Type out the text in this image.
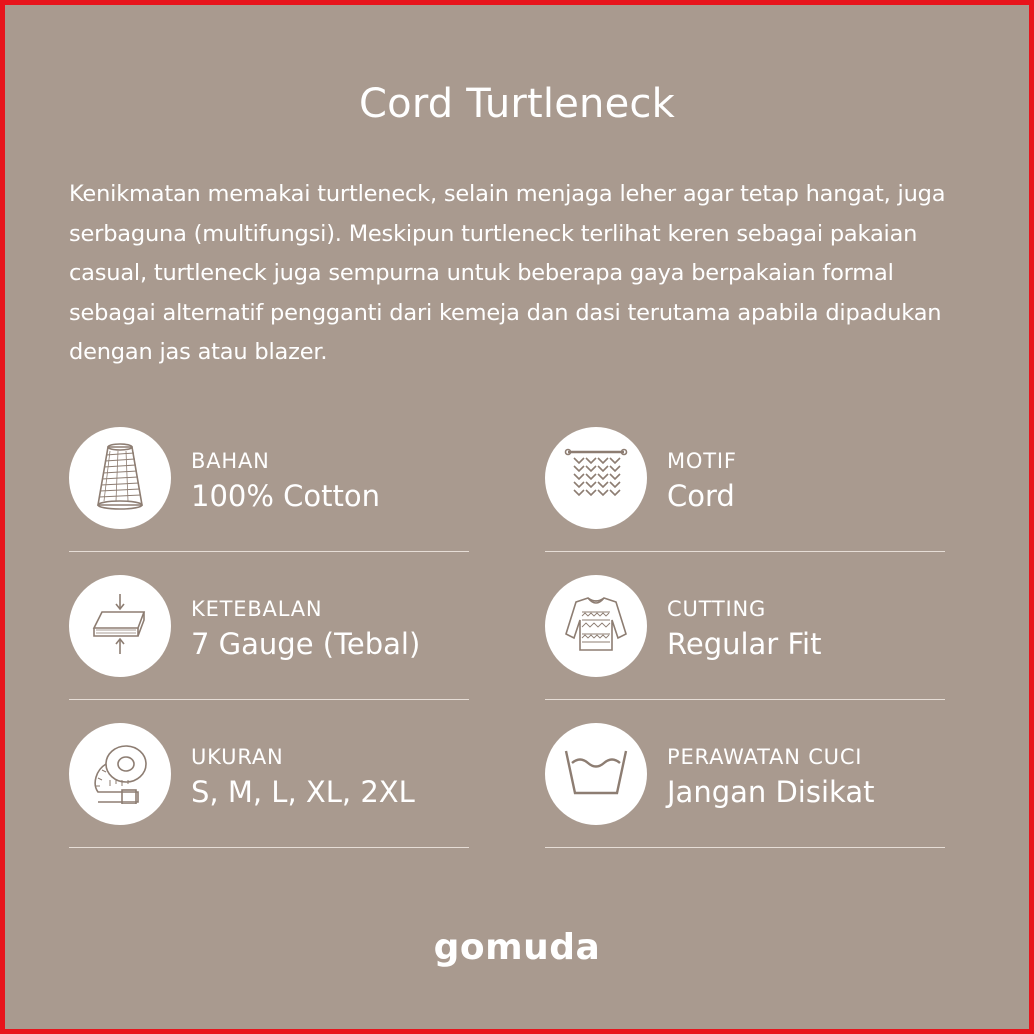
Cord Turtleneck
Kenikmatan memakai turtleneck, selain menjaga leher agar tetap hangat, juga serbaguna (multifungsi). Meskipun turtleneck terlihat keren sebagai pakaian casual, turtleneck juga sempurna untuk beberapa gaya berpakaian formal sebagai alternatif pengganti dari kemeja dan dasi terutama apabila dipadukan dengan jas atau blazer.
BAHAN
100% Cotton
MOTIF
Cord
KETEBALAN
7 Gauge (Tebal)
CUTTING
Regular Fit
UKURAN
S, M, L, XL, 2XL
PERAWATAN CUCI
Jangan Disikat
gomuda
